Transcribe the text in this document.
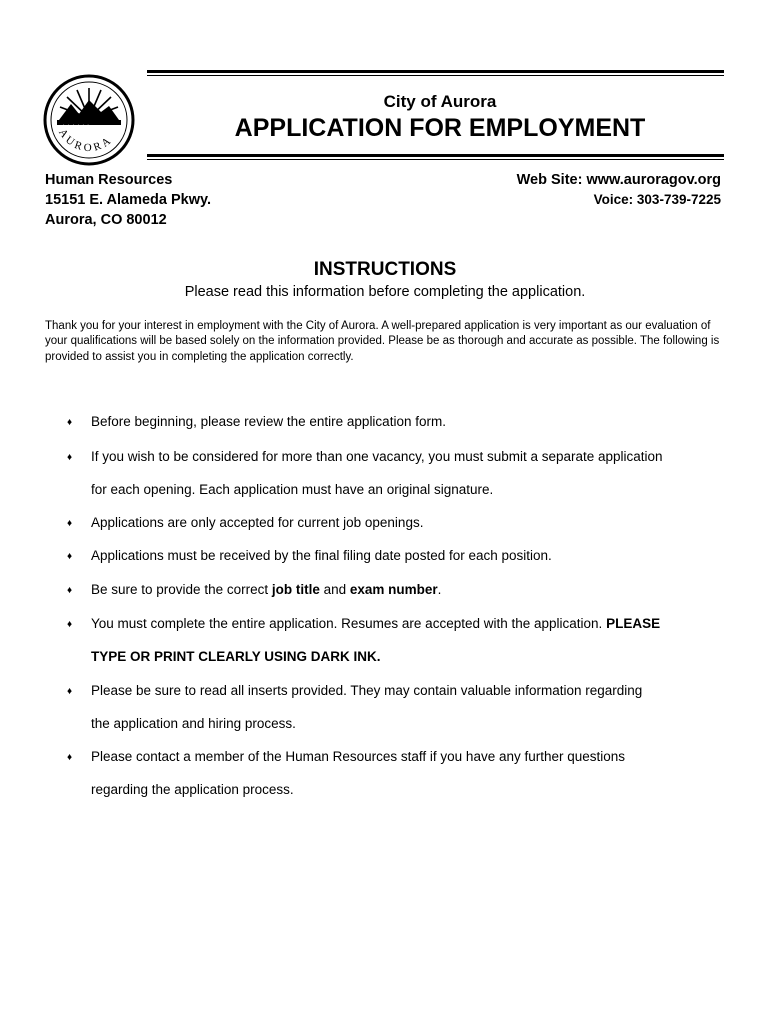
★ ★ ★ ★ ★ ★
AURORA
City of Aurora
APPLICATION FOR EMPLOYMENT
Human Resources
15151 E. Alameda Pkwy.
Aurora, CO 80012
Web Site: www.auroragov.org
Voice: 303-739-7225
INSTRUCTIONS
Please read this information before completing the application.
Thank you for your interest in employment with the City of Aurora. A well-prepared application is very important as our evaluation of your qualifications will be based solely on the information provided. Please be as thorough and accurate as possible. The following is provided to assist you in completing the application correctly.
♦ Before beginning, please review the entire application form.
♦ If you wish to be considered for more than one vacancy, you must submit a separate application
for each opening. Each application must have an original signature.
♦ Applications are only accepted for current job openings.
♦ Applications must be received by the final filing date posted for each position.
♦ Be sure to provide the correct job title and exam number.
♦ You must complete the entire application. Resumes are accepted with the application. PLEASE
TYPE OR PRINT CLEARLY USING DARK INK.
♦ Please be sure to read all inserts provided. They may contain valuable information regarding
the application and hiring process.
♦ Please contact a member of the Human Resources staff if you have any further questions
regarding the application process.
